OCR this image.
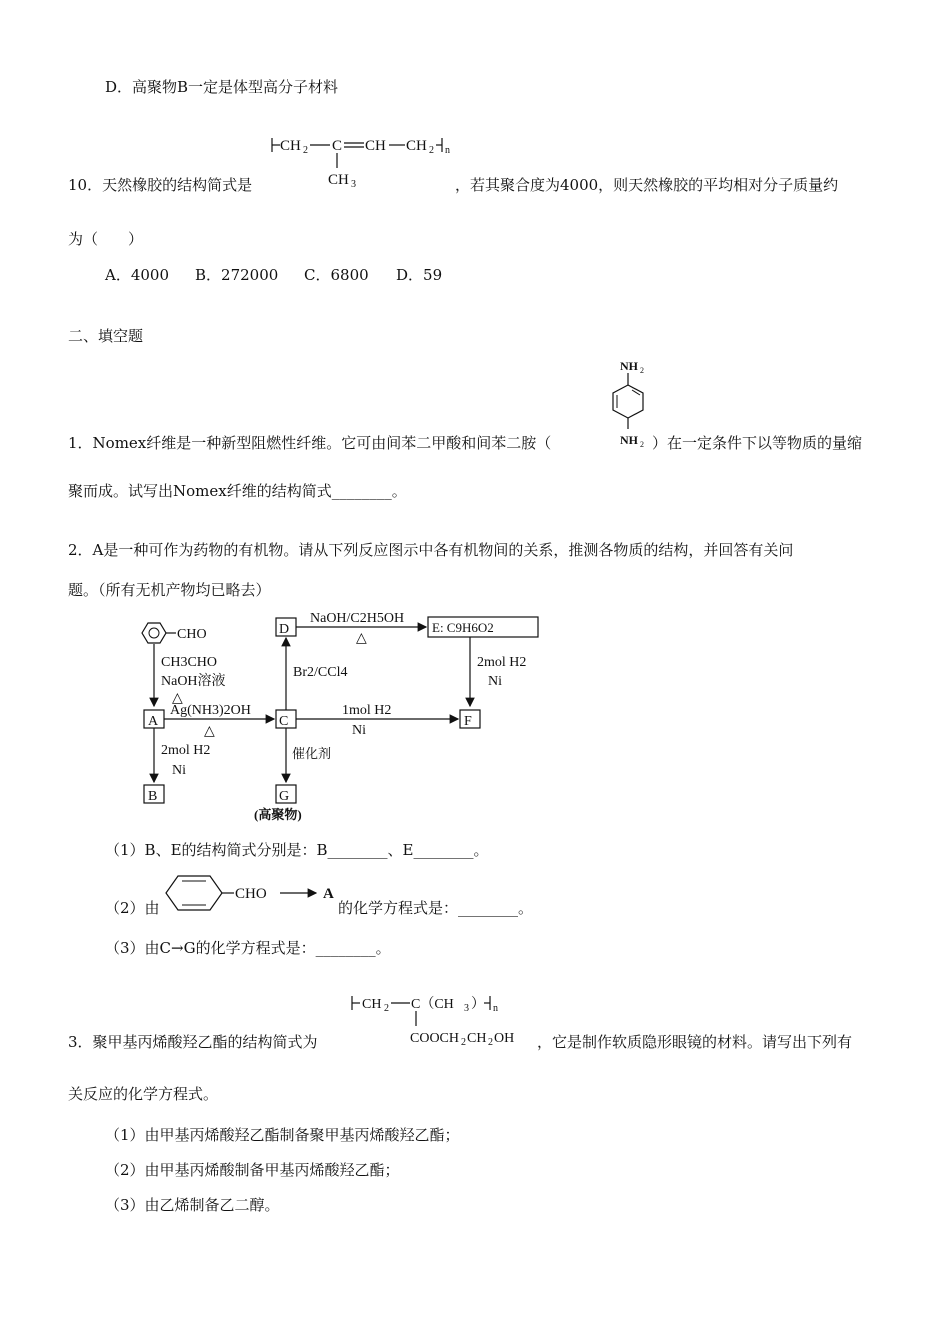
D．高聚物B一定是体型高分子材料
CH 2 C CH CH 2 n
CH 3
10．天然橡胶的结构简式是	，若其聚合度为4000，则天然橡胶的平均相对分子质量约
为（　　）
A．4000 B．272000 C．6800 D．59
二、填空题
NH 2
NH 2
1．Nomex纤维是一种新型阻燃性纤维。它可由间苯二甲酸和间苯二胺（	）在一定条件下以等物质的量缩
聚而成。试写出Nomex纤维的结构简式________。
2．A是一种可作为药物的有机物。请从下列反应图示中各有机物间的关系，推测各物质的结构，并回答有关问
题。（所有无机产物均已略去）
CHO
CH3CHO
NaOH溶液
△
A
Ag(NH3)2OH
△
2mol H2
Ni
B
C
Br2/CCl4
D
NaOH/C2H5OH
△
E: C9H6O2
2mol H2
Ni
1mol H2
Ni
F
催化剂
G
(高聚物)
（1）B、E的结构简式分别是：B________、E________。
（2）由
CHO	A
的化学方程式是：________。
（3）由C→G的化学方程式是：________。
CH 2 C（CH 3 ） n
COOCH 2 CH 2 OH
3．聚甲基丙烯酸羟乙酯的结构简式为	，它是制作软质隐形眼镜的材料。请写出下列有
关反应的化学方程式。
（1）由甲基丙烯酸羟乙酯制备聚甲基丙烯酸羟乙酯；
（2）由甲基丙烯酸制备甲基丙烯酸羟乙酯；
（3）由乙烯制备乙二醇。
